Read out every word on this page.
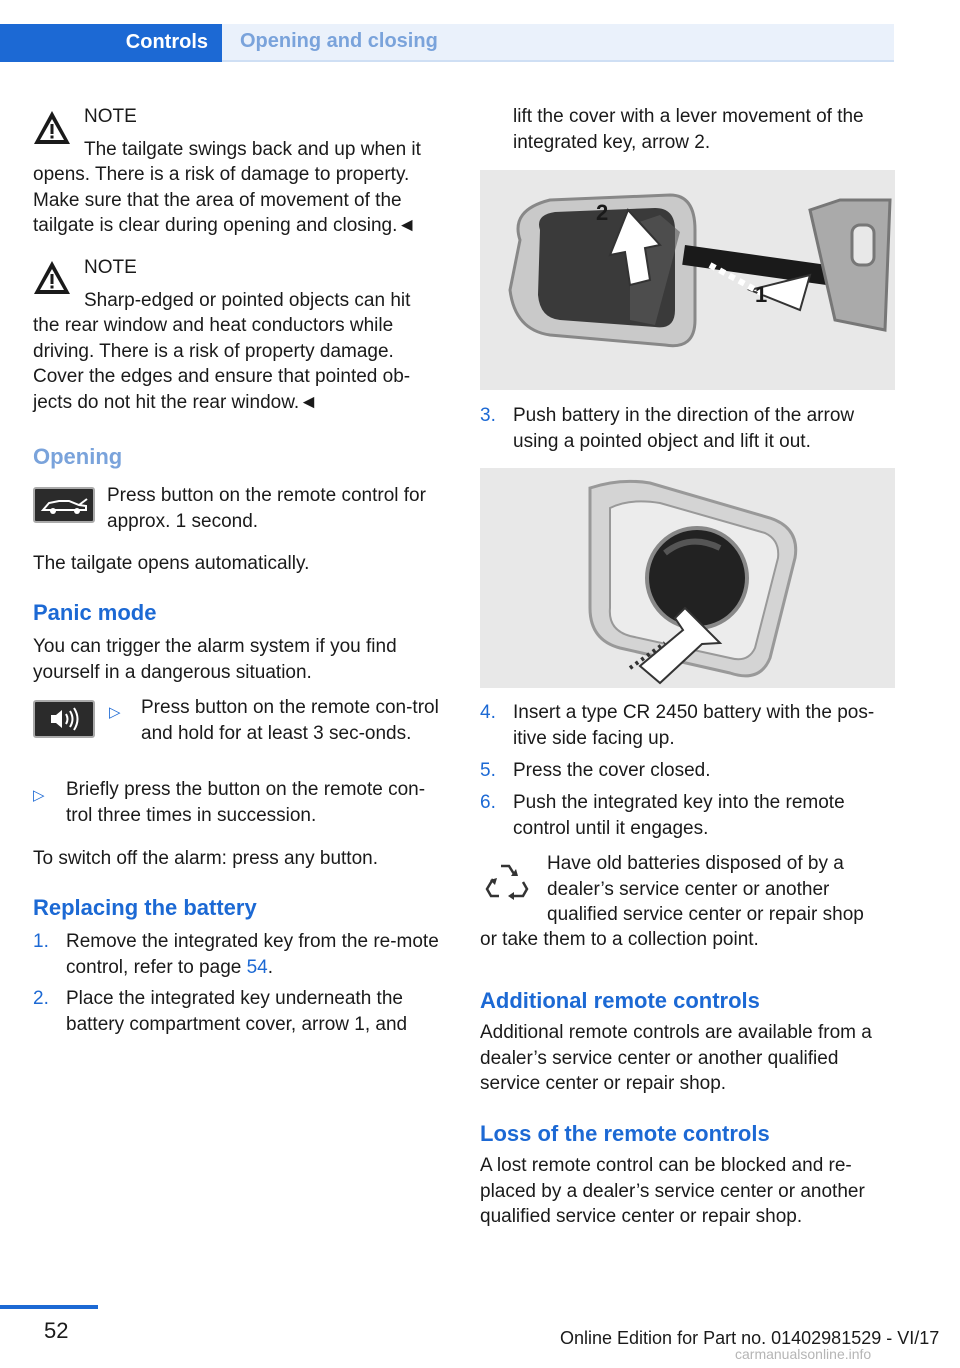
Controls	Opening and closing
NOTE
The tailgate swings back and up when it
opens. There is a risk of damage to property. Make sure that the area of movement of the tailgate is clear during opening and closing.◄
NOTE
Sharp-edged or pointed objects can hit
the rear window and heat conductors while driving. There is a risk of property damage. Cover the edges and ensure that pointed ob-jects do not hit the rear window.◄
Opening
Press button on the remote control for approx. 1 second.
The tailgate opens automatically.
Panic mode
You can trigger the alarm system if you find yourself in a dangerous situation.
▷ Press button on the remote con-trol and hold for at least 3 sec-onds.
▷ Briefly press the button on the remote con-trol three times in succession.
To switch off the alarm: press any button.
Replacing the battery
1. Remove the integrated key from the re-mote control, refer to page 54.
2. Place the integrated key underneath the battery compartment cover, arrow 1, and
lift the cover with a lever movement of the integrated key, arrow 2.
2
1
3. Push battery in the direction of the arrow using a pointed object and lift it out.
4. Insert a type CR 2450 battery with the pos-itive side facing up.
5. Press the cover closed.
6. Push the integrated key into the remote control until it engages.
Have old batteries disposed of by a dealer’s service center or another qualified service center or repair shop
or take them to a collection point.
Additional remote controls
Additional remote controls are available from a dealer’s service center or another qualified service center or repair shop.
Loss of the remote controls
A lost remote control can be blocked and re-placed by a dealer’s service center or another qualified service center or repair shop.
52	Online Edition for Part no. 01402981529 - VI/17
carmanualsonline.info
